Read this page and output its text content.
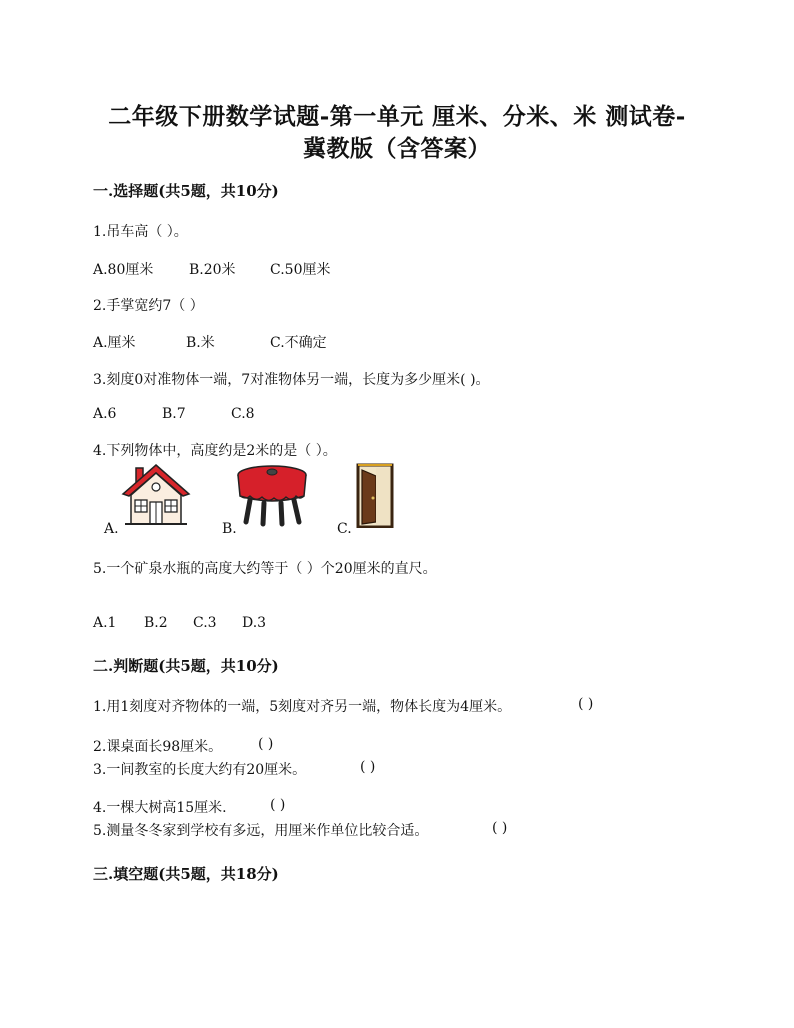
二年级下册数学试题-第一单元 厘米、分米、米 测试卷-
冀教版（含答案）
一.选择题(共5题，共10分)
1.吊车高（ ）。
A.80厘米	B.20米 C.50厘米
2.手掌宽约7（ ）
A.厘米	B.米	C.不确定
3.刻度0对准物体一端，7对准物体另一端，长度为多少厘米( )。
A.6	B.7	C.8
4.下列物体中，高度约是2米的是（ ）。
A.	B.	C.
5.一个矿泉水瓶的高度大约等于（ ）个20厘米的直尺。
A.1 B.2 C.3 D.3
二.判断题(共5题，共10分)
1.用1刻度对齐物体的一端，5刻度对齐另一端，物体长度为4厘米。	( )
2.课桌面长98厘米。	( )
3.一间教室的长度大约有20厘米。	( )
4.一棵大树高15厘米.	( )
5.测量冬冬家到学校有多远，用厘米作单位比较合适。	( )
三.填空题(共5题，共18分)
